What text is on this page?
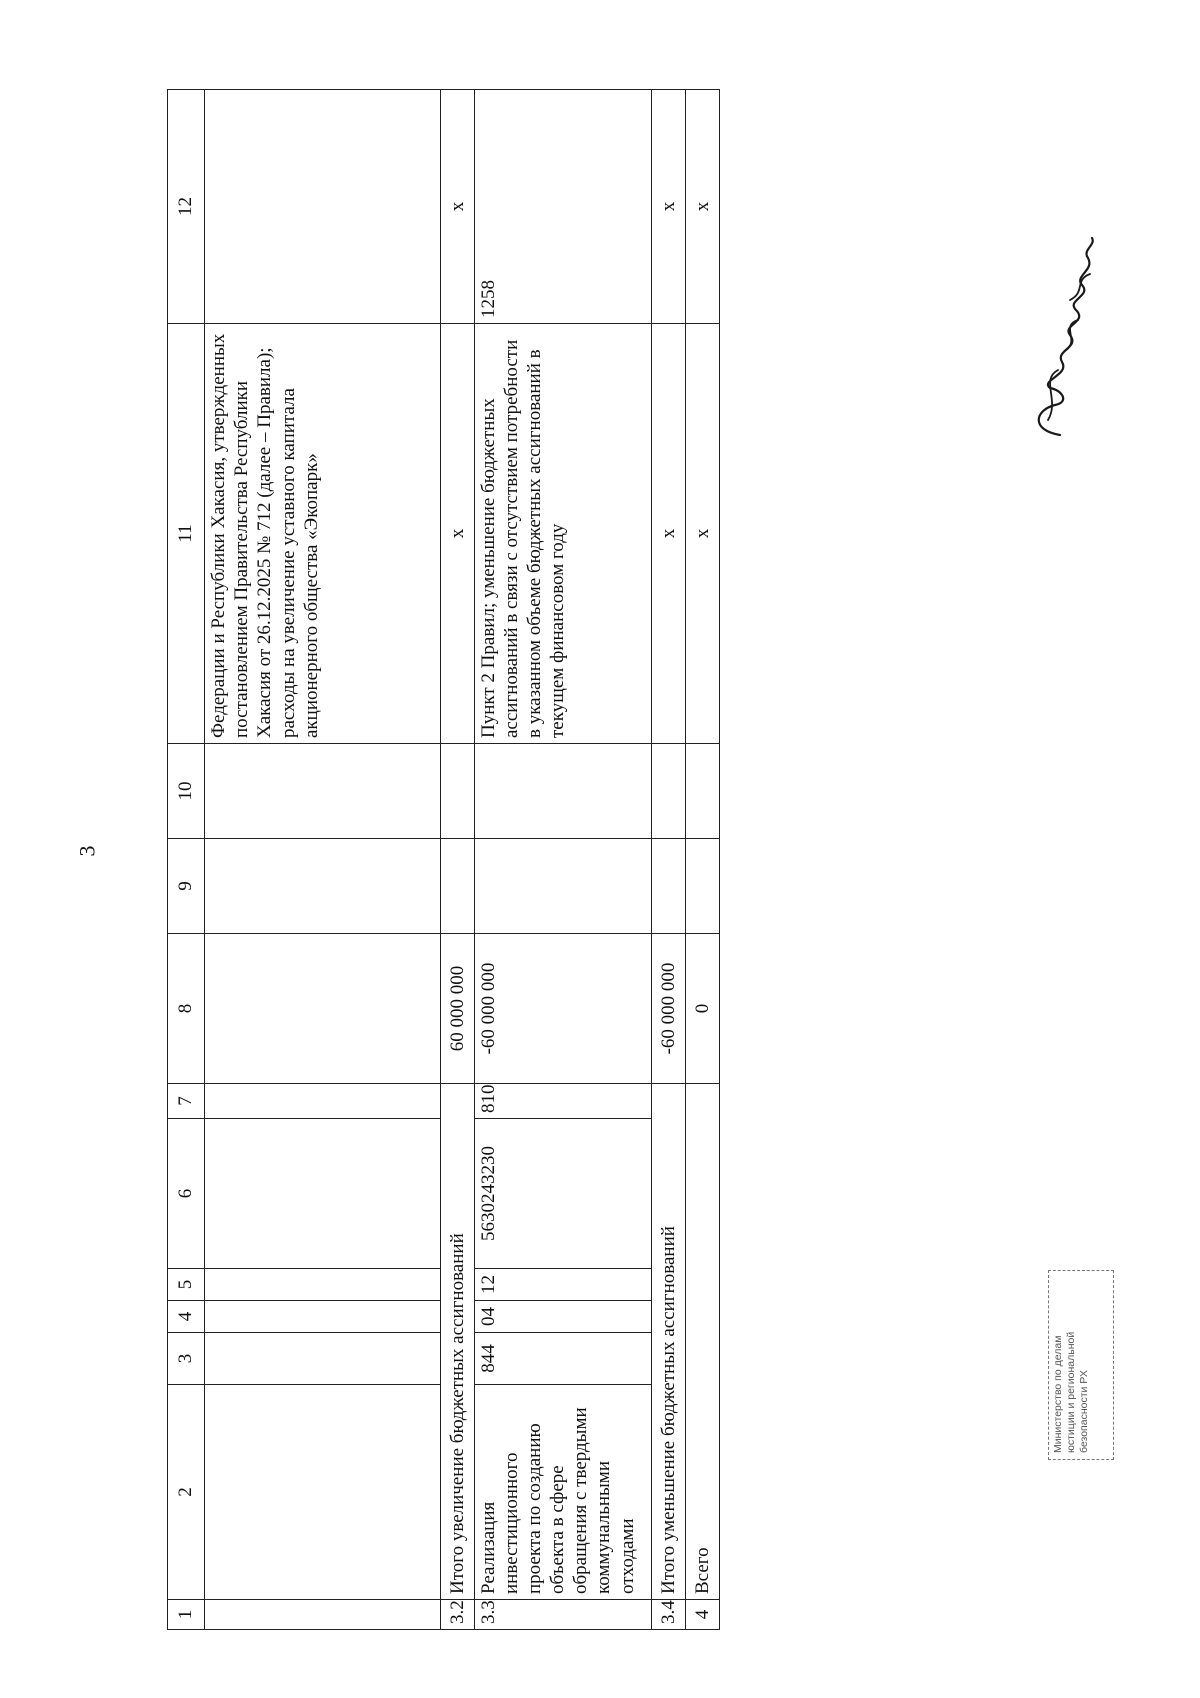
3
1	2	3	4	5	6	7	8	9	10	11	12
										Федерации и Республики Хакасия, утвержденных постановлением Правительства Республики Хакасия от 26.12.2025 № 712 (далее – Правила); расходы на увеличение уставного капитала акционерного общества «Экопарк»	
3.2	Итого увеличение бюджетных ассигнований						60 000 000			x	x
3.3	Реализация инвестиционного проекта по созданию объекта в сфере обращения с твердыми коммунальными отходами	844	04	12	5630243230	810	-60 000 000			Пункт 2 Правил; уменьшение бюджетных ассигнований в связи с отсутствием потребности в указанном объеме бюджетных ассигнований в текущем финансовом году	1258
3.4	Итого уменьшение бюджетных ассигнований						-60 000 000			x	x
4	Всего						0			x	x
Министерство по делам юстиции и региональной безопасности РХ
